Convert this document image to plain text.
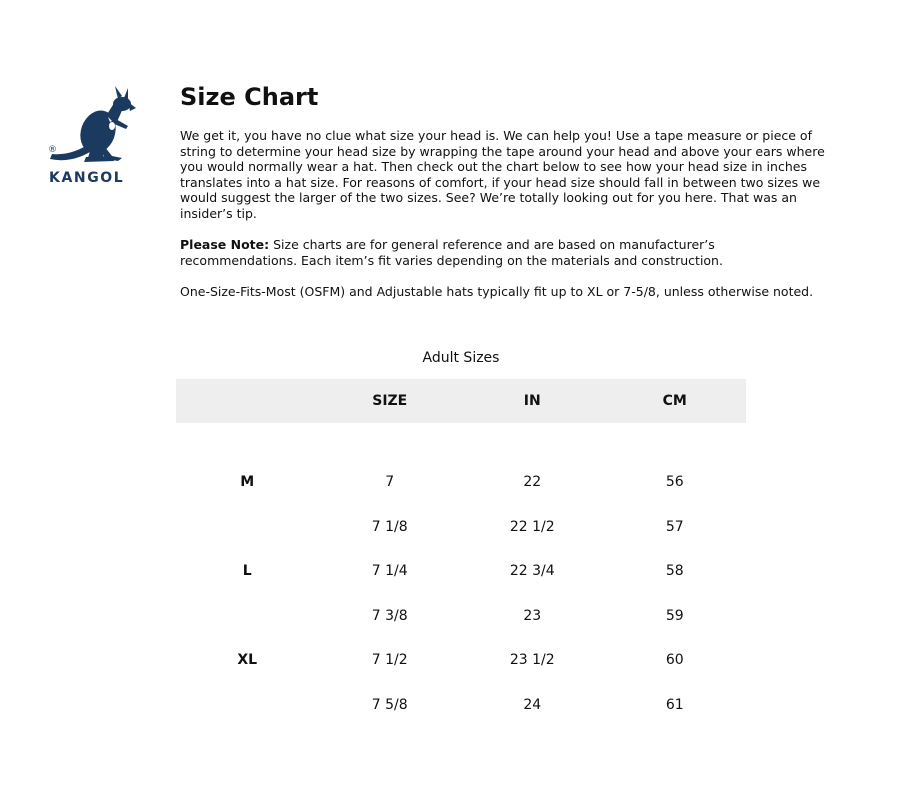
®
KANGOL
Size Chart

We get it, you have no clue what size your head is. We can help you! Use a tape measure or piece of string to determine your head size by wrapping the tape around your head and above your ears where you would normally wear a hat. Then check out the chart below to see how your head size in inches translates into a hat size. For reasons of comfort, if your head size should fall in between two sizes we would suggest the larger of the two sizes. See? We’re totally looking out for you here. That was an insider’s tip.

Please Note: Size charts are for general reference and are based on manufacturer’s recommendations. Each item’s fit varies depending on the materials and construction.

One-Size-Fits-Most (OSFM) and Adjustable hats typically fit up to XL or 7-5/8, unless otherwise noted.

Adult Sizes
	SIZE	IN	CM

M	7	22	56
	7 1/8	22 1/2	57
L	7 1/4	22 3/4	58
	7 3/8	23	59
XL	7 1/2	23 1/2	60
	7 5/8	24	61
